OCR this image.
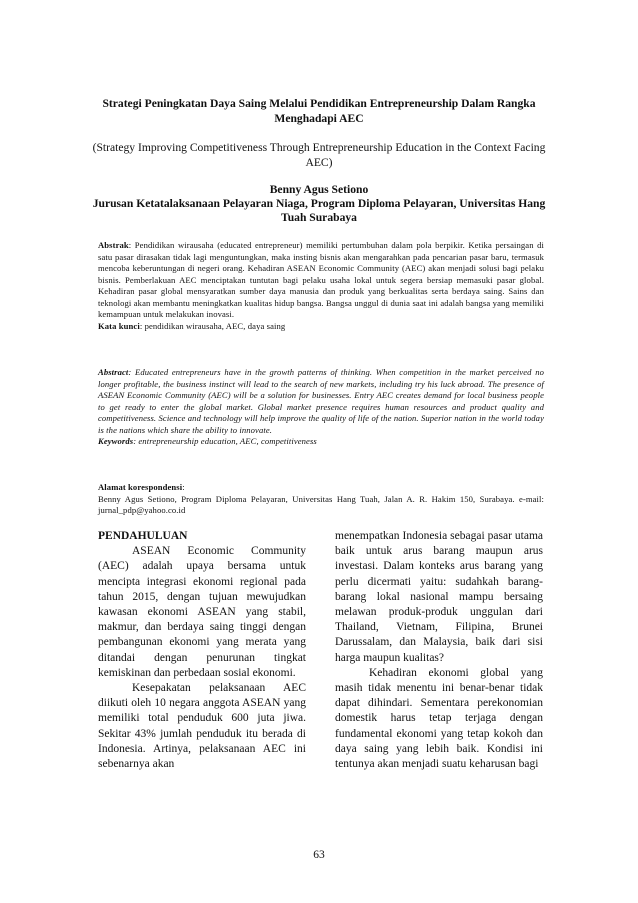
Strategi Peningkatan Daya Saing Melalui Pendidikan Entrepreneurship Dalam Rangka Menghadapi AEC
(Strategy Improving Competitiveness Through Entrepreneurship Education in the Context Facing AEC)
Benny Agus Setiono
Jurusan Ketatalaksanaan Pelayaran Niaga, Program Diploma Pelayaran, Universitas Hang Tuah Surabaya
Abstrak: Pendidikan wirausaha (educated entrepreneur) memiliki pertumbuhan dalam pola berpikir. Ketika persaingan di satu pasar dirasakan tidak lagi menguntungkan, maka insting bisnis akan mengarahkan pada pencarian pasar baru, termasuk mencoba keberuntungan di negeri orang. Kehadiran ASEAN Economic Community (AEC) akan menjadi solusi bagi pelaku bisnis. Pemberlakuan AEC menciptakan tuntutan bagi pelaku usaha lokal untuk segera bersiap memasuki pasar global. Kehadiran pasar global mensyaratkan sumber daya manusia dan produk yang berkualitas serta berdaya saing. Sains dan teknologi akan membantu meningkatkan kualitas hidup bangsa. Bangsa unggul di dunia saat ini adalah bangsa yang memiliki kemampuan untuk melakukan inovasi.
Kata kunci: pendidikan wirausaha, AEC, daya saing
Abstract: Educated entrepreneurs have in the growth patterns of thinking. When competition in the market perceived no longer profitable, the business instinct will lead to the search of new markets, including try his luck abroad. The presence of ASEAN Economic Community (AEC) will be a solution for businesses. Entry AEC creates demand for local business people to get ready to enter the global market. Global market presence requires human resources and product quality and competitiveness. Science and technology will help improve the quality of life of the nation. Superior nation in the world today is the nations which share the ability to innovate.
Keywords: entrepreneurship education, AEC, competitiveness
Alamat korespondensi:
Benny Agus Setiono, Program Diploma Pelayaran, Universitas Hang Tuah, Jalan A. R. Hakim 150, Surabaya. e-mail: jurnal_pdp@yahoo.co.id

PENDAHULUAN

ASEAN Economic Community (AEC) adalah upaya bersama untuk mencipta integrasi ekonomi regional pada tahun 2015, dengan tujuan mewujudkan kawasan ekonomi ASEAN yang stabil, makmur, dan berdaya saing tinggi dengan pembangunan ekonomi yang merata yang ditandai dengan penurunan tingkat kemiskinan dan perbedaan sosial ekonomi.

Kesepakatan pelaksanaan AEC diikuti oleh 10 negara anggota ASEAN yang memiliki total penduduk 600 juta jiwa. Sekitar 43% jumlah penduduk itu berada di Indonesia. Artinya, pelaksanaan AEC ini sebenarnya akan

menempatkan Indonesia sebagai pasar utama baik untuk arus barang maupun arus investasi. Dalam konteks arus barang yang perlu dicermati yaitu: sudahkah barang-barang lokal nasional mampu bersaing melawan produk-produk unggulan dari Thailand, Vietnam, Filipina, Brunei Darussalam, dan Malaysia, baik dari sisi harga maupun kualitas?

Kehadiran ekonomi global yang masih tidak menentu ini benar-benar tidak dapat dihindari. Sementara perekonomian domestik harus tetap terjaga dengan fundamental ekonomi yang tetap kokoh dan daya saing yang lebih baik. Kondisi ini tentunya akan menjadi suatu keharusan bagi

63
